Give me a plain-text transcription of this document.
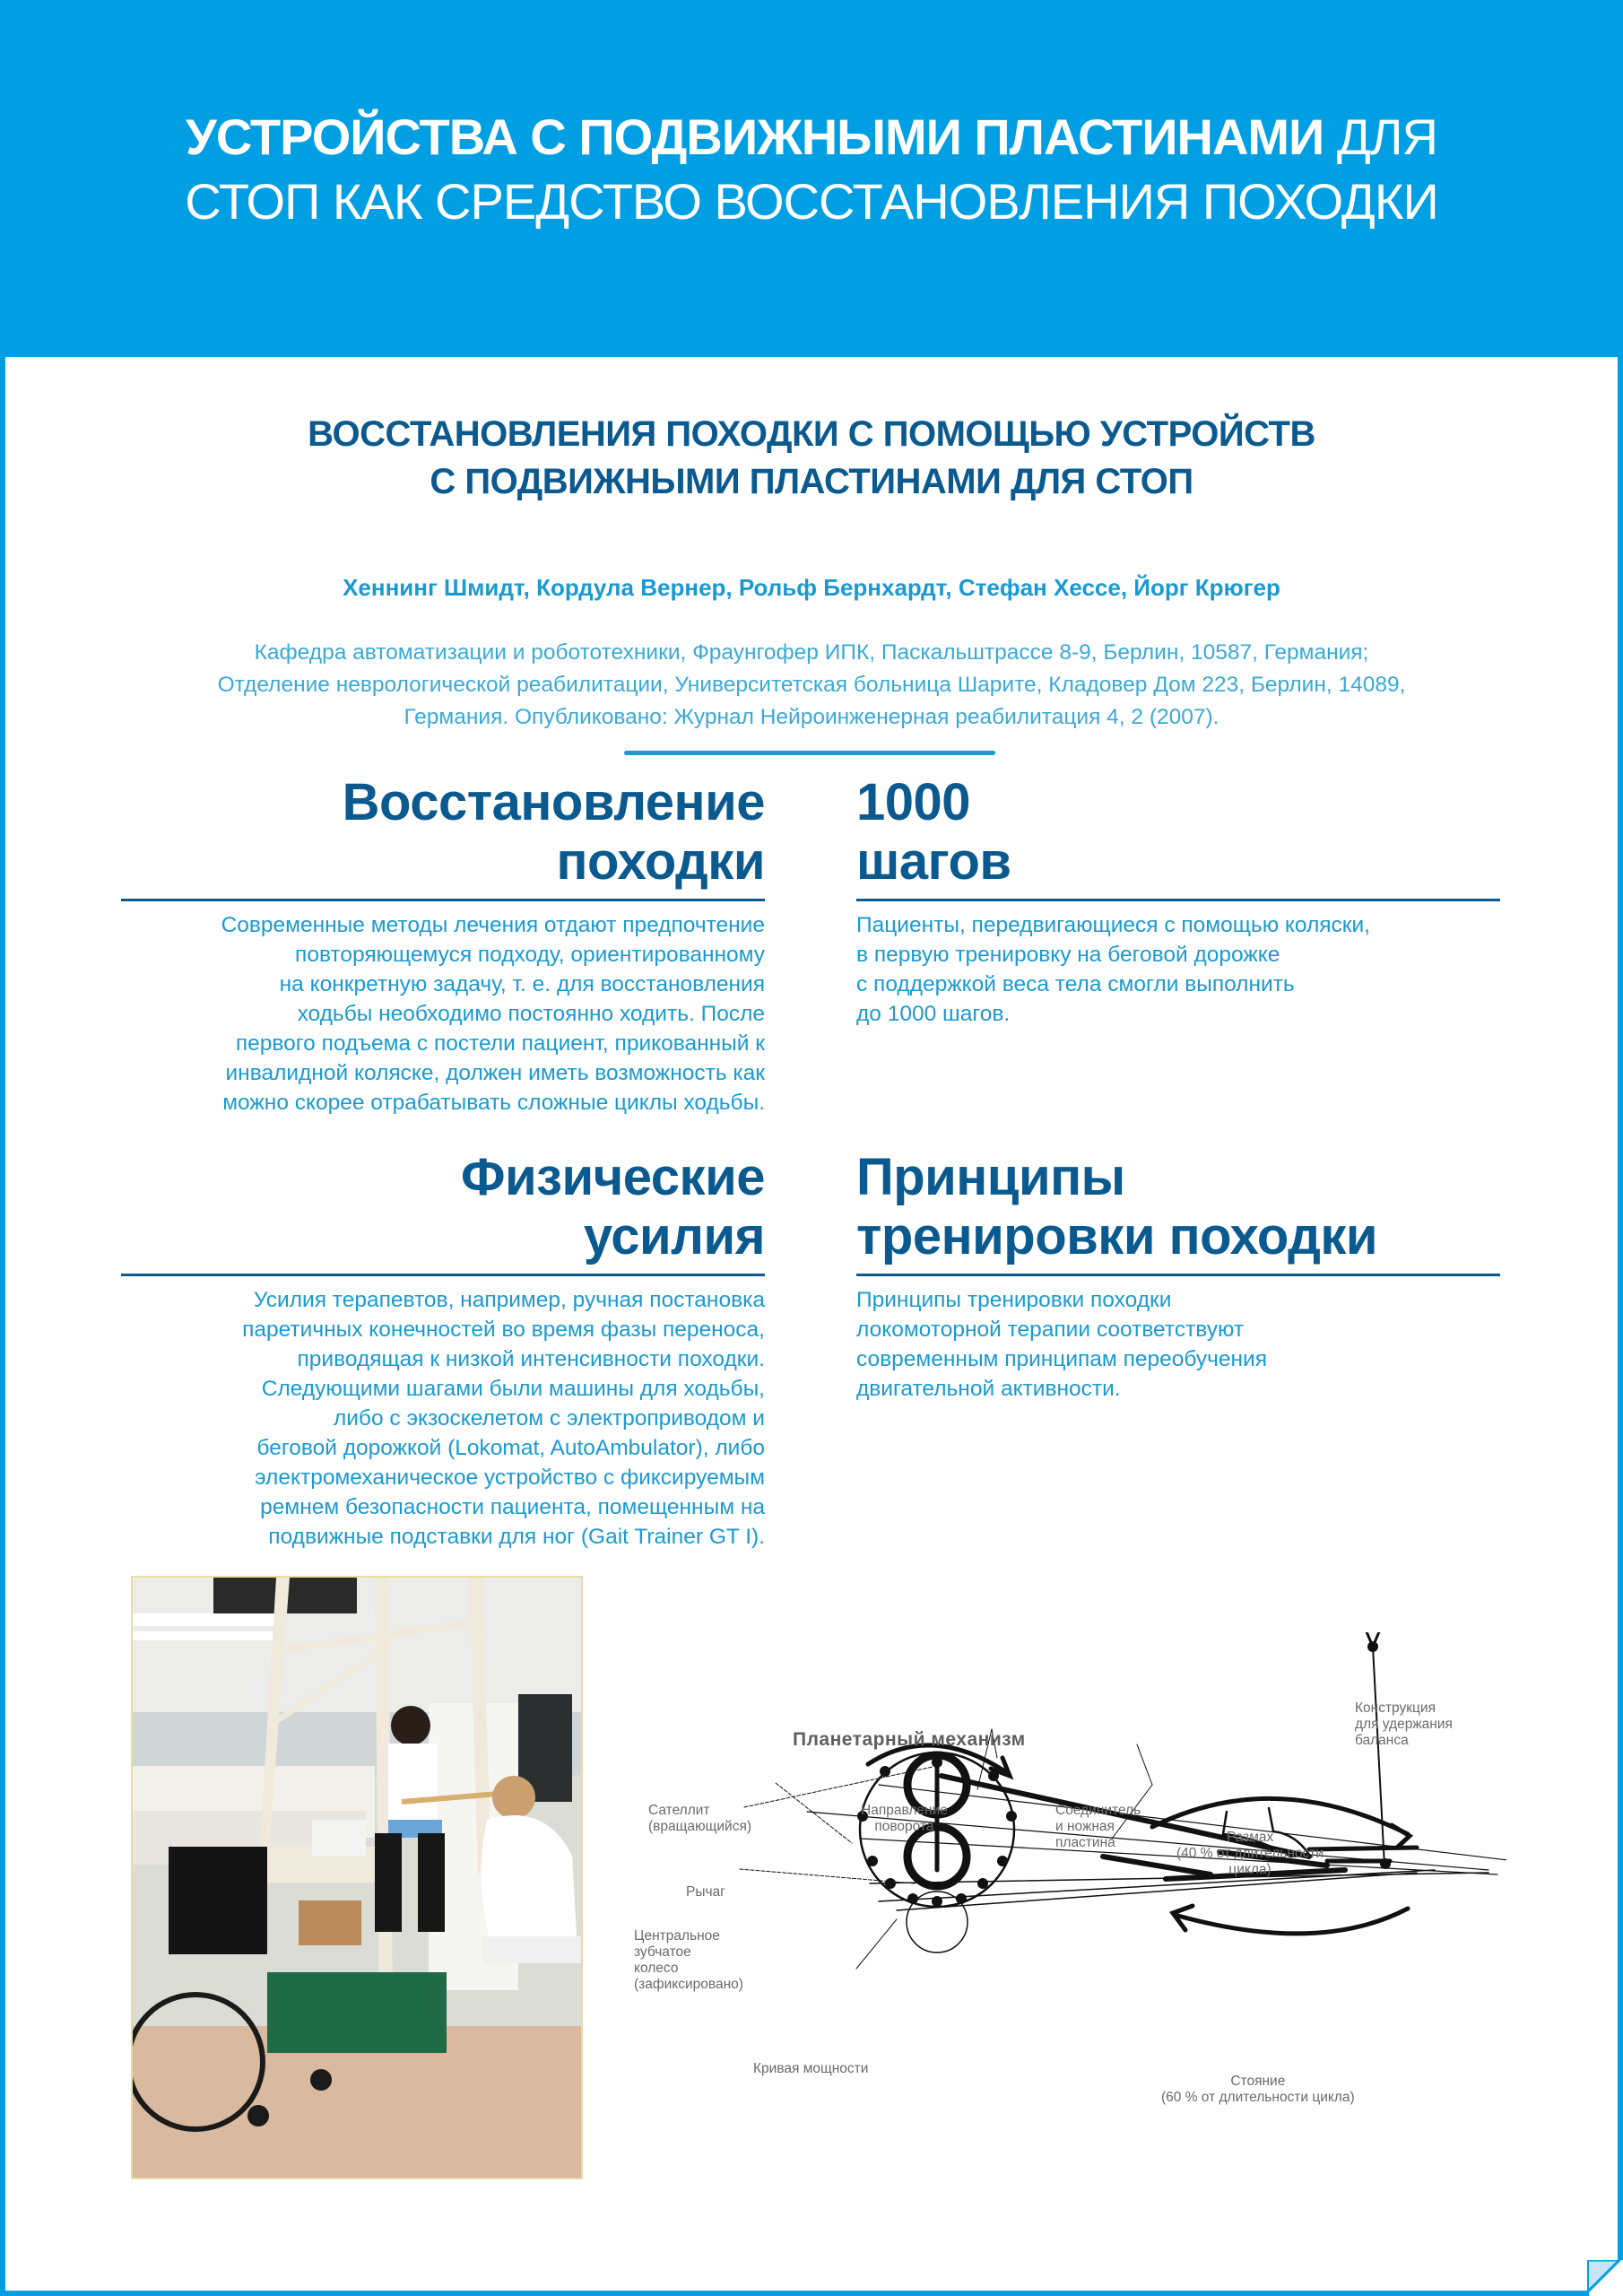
УСТРОЙСТВА С ПОДВИЖНЫМИ ПЛАСТИНАМИ ДЛЯ
СТОП КАК СРЕДСТВО ВОССТАНОВЛЕНИЯ ПОХОДКИ
ВОССТАНОВЛЕНИЯ ПОХОДКИ С ПОМОЩЬЮ УСТРОЙСТВ
С ПОДВИЖНЫМИ ПЛАСТИНАМИ ДЛЯ СТОП
Хеннинг Шмидт, Кордула Вернер, Рольф Бернхардт, Стефан Хессе, Йорг Крюгер
Кафедра автоматизации и робототехники, Фраунгофер ИПК, Паскальштрассе 8-9, Берлин, 10587, Германия;
Отделение неврологической реабилитации, Университетская больница Шарите, Кладовер Дом 223, Берлин, 14089,
Германия. Опубликовано: Журнал Нейроинженерная реабилитация 4, 2 (2007).
Восстановление
походки
Современные методы лечения отдают предпочтение
повторяющемуся подходу, ориентированному
на конкретную задачу, т. е. для восстановления
ходьбы необходимо постоянно ходить. После
первого подъема с постели пациент, прикованный к
инвалидной коляске, должен иметь возможность как
можно скорее отрабатывать сложные циклы ходьбы.
1000
шагов
Пациенты, передвигающиеся с помощью коляски,
в первую тренировку на беговой дорожке
с поддержкой веса тела смогли выполнить
до 1000 шагов.
Физические
усилия
Усилия терапевтов, например, ручная постановка
паретичных конечностей во время фазы переноса,
приводящая к низкой интенсивности походки.
Следующими шагами были машины для ходьбы,
либо с экзоскелетом с электроприводом и
беговой дорожкой (Lokomat, AutoAmbulator), либо
электромеханическое устройство с фиксируемым
ремнем безопасности пациента, помещенным на
подвижные подставки для ног (Gait Trainer GT I).
Принципы
тренировки походки
Принципы тренировки походки
локомоторной терапии соответствуют
современным принципам переобучения
двигательной активности.
Планетарный механизм
Сателлит
(вращающийся)
Направление
поворота
Соединитель
и ножная
пластина
Конструкция
для удержания
баланса
Размах
(40 % от длительности
цикла)
Рычаг
Центральное
зубчатое
колесо
(зафиксировано)
Кривая мощности
Стояние
(60 % от длительности цикла)
